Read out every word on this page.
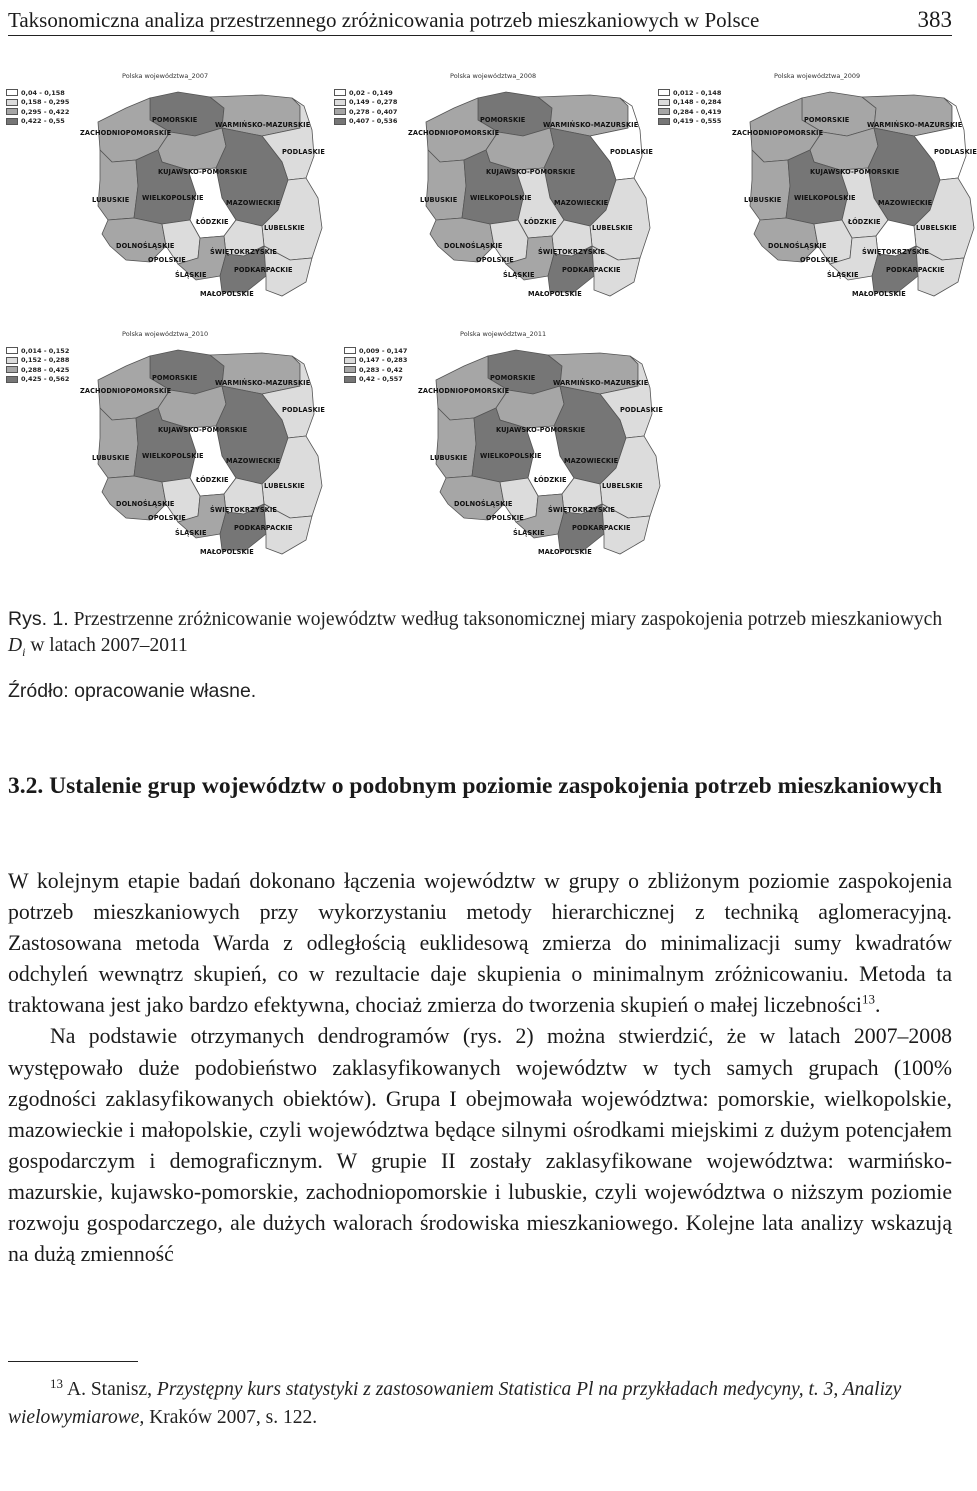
Taksonomiczna analiza przestrzennego zróżnicowania potrzeb mieszkaniowych w Polsce	383
Polska województwa_2007
POMORSKIE
WARMIŃSKO-MAZURSKIE
ZACHODNIOPOMORSKIE
PODLASKIE
KUJAWSKO-POMORSKIE
LUBUSKIE WIELKOPOLSKIE
MAZOWIECKIE
ŁÓDZKIE
LUBELSKIE
DOLNOŚLĄSKIE
ŚWIĘTOKRZYSKIE
OPOLSKIE
ŚLĄSKIE
PODKARPACKIE
MAŁOPOLSKIE
0,04 - 0,158
0,158 - 0,295
0,295 - 0,422
0,422 - 0,55
Polska województwa_2008
POMORSKIE
WARMIŃSKO-MAZURSKIE
ZACHODNIOPOMORSKIE
PODLASKIE
KUJAWSKO-POMORSKIE
LUBUSKIE WIELKOPOLSKIE
MAZOWIECKIE
ŁÓDZKIE
LUBELSKIE
DOLNOŚLĄSKIE
ŚWIĘTOKRZYSKIE
OPOLSKIE
ŚLĄSKIE
PODKARPACKIE
MAŁOPOLSKIE
0,02 - 0,149
0,149 - 0,278
0,278 - 0,407
0,407 - 0,536
Polska województwa_2009
POMORSKIE
WARMIŃSKO-MAZURSKIE
ZACHODNIOPOMORSKIE
PODLASKIE
KUJAWSKO-POMORSKIE
LUBUSKIE WIELKOPOLSKIE
MAZOWIECKIE
ŁÓDZKIE
LUBELSKIE
DOLNOŚLĄSKIE
ŚWIĘTOKRZYSKIE
OPOLSKIE
ŚLĄSKIE
PODKARPACKIE
MAŁOPOLSKIE
0,012 - 0,148
0,148 - 0,284
0,284 - 0,419
0,419 - 0,555
Polska województwa_2010
POMORSKIE
WARMIŃSKO-MAZURSKIE
ZACHODNIOPOMORSKIE
PODLASKIE
KUJAWSKO-POMORSKIE
LUBUSKIE WIELKOPOLSKIE
MAZOWIECKIE
ŁÓDZKIE
LUBELSKIE
DOLNOŚLĄSKIE
ŚWIĘTOKRZYSKIE
OPOLSKIE
ŚLĄSKIE
PODKARPACKIE
MAŁOPOLSKIE
0,014 - 0,152
0,152 - 0,288
0,288 - 0,425
0,425 - 0,562
Polska województwa_2011
POMORSKIE
WARMIŃSKO-MAZURSKIE
ZACHODNIOPOMORSKIE
PODLASKIE
KUJAWSKO-POMORSKIE
LUBUSKIE WIELKOPOLSKIE
MAZOWIECKIE
ŁÓDZKIE
LUBELSKIE
DOLNOŚLĄSKIE
ŚWIĘTOKRZYSKIE
OPOLSKIE
ŚLĄSKIE
PODKARPACKIE
MAŁOPOLSKIE
0,009 - 0,147
0,147 - 0,283
0,283 - 0,42
0,42 - 0,557
Rys. 1. Przestrzenne zróżnicowanie województw według taksonomicznej miary zaspokojenia potrzeb mieszkaniowych $D_i$ w latach 2007–2011
Źródło: opracowanie własne.
3.2. Ustalenie grup województw o podobnym poziomie zaspokojenia potrzeb mieszkaniowych

W kolejnym etapie badań dokonano łączenia województw w grupy o zbliżonym poziomie zaspokojenia potrzeb mieszkaniowych przy wykorzystaniu metody hierarchicznej z techniką aglomeracyjną. Zastosowana metoda Warda z odległością euklidesową zmierza do minimalizacji sumy kwadratów odchyleń wewnątrz skupień, co w rezultacie daje skupienia o minimalnym zróżnicowaniu. Metoda ta traktowana jest jako bardzo efektywna, chociaż zmierza do tworzenia skupień o małej liczebności$^{13}$.

Na podstawie otrzymanych dendrogramów (rys. 2) można stwierdzić, że w latach 2007–2008 występowało duże podobieństwo zaklasyfikowanych województw w tych samych grupach (100% zgodności zaklasyfikowanych obiektów). Grupa I obejmowała województwa: pomorskie, wielkopolskie, mazowieckie i małopolskie, czyli województwa będące silnymi ośrodkami miejskimi z dużym potencjałem gospodarczym i demograficznym. W grupie II zostały zaklasyfikowane województwa: warmińsko-mazurskie, kujawsko-pomorskie, zachodniopomorskie i lubuskie, czyli województwa o niższym poziomie rozwoju gospodarczego, ale dużych walorach środowiska mieszkaniowego. Kolejne lata analizy wskazują na dużą zmienność

$^{13}$ A. Stanisz, Przystępny kurs statystyki z zastosowaniem Statistica Pl na przykładach medycyny, t. 3, Analizy wielowymiarowe, Kraków 2007, s. 122.
